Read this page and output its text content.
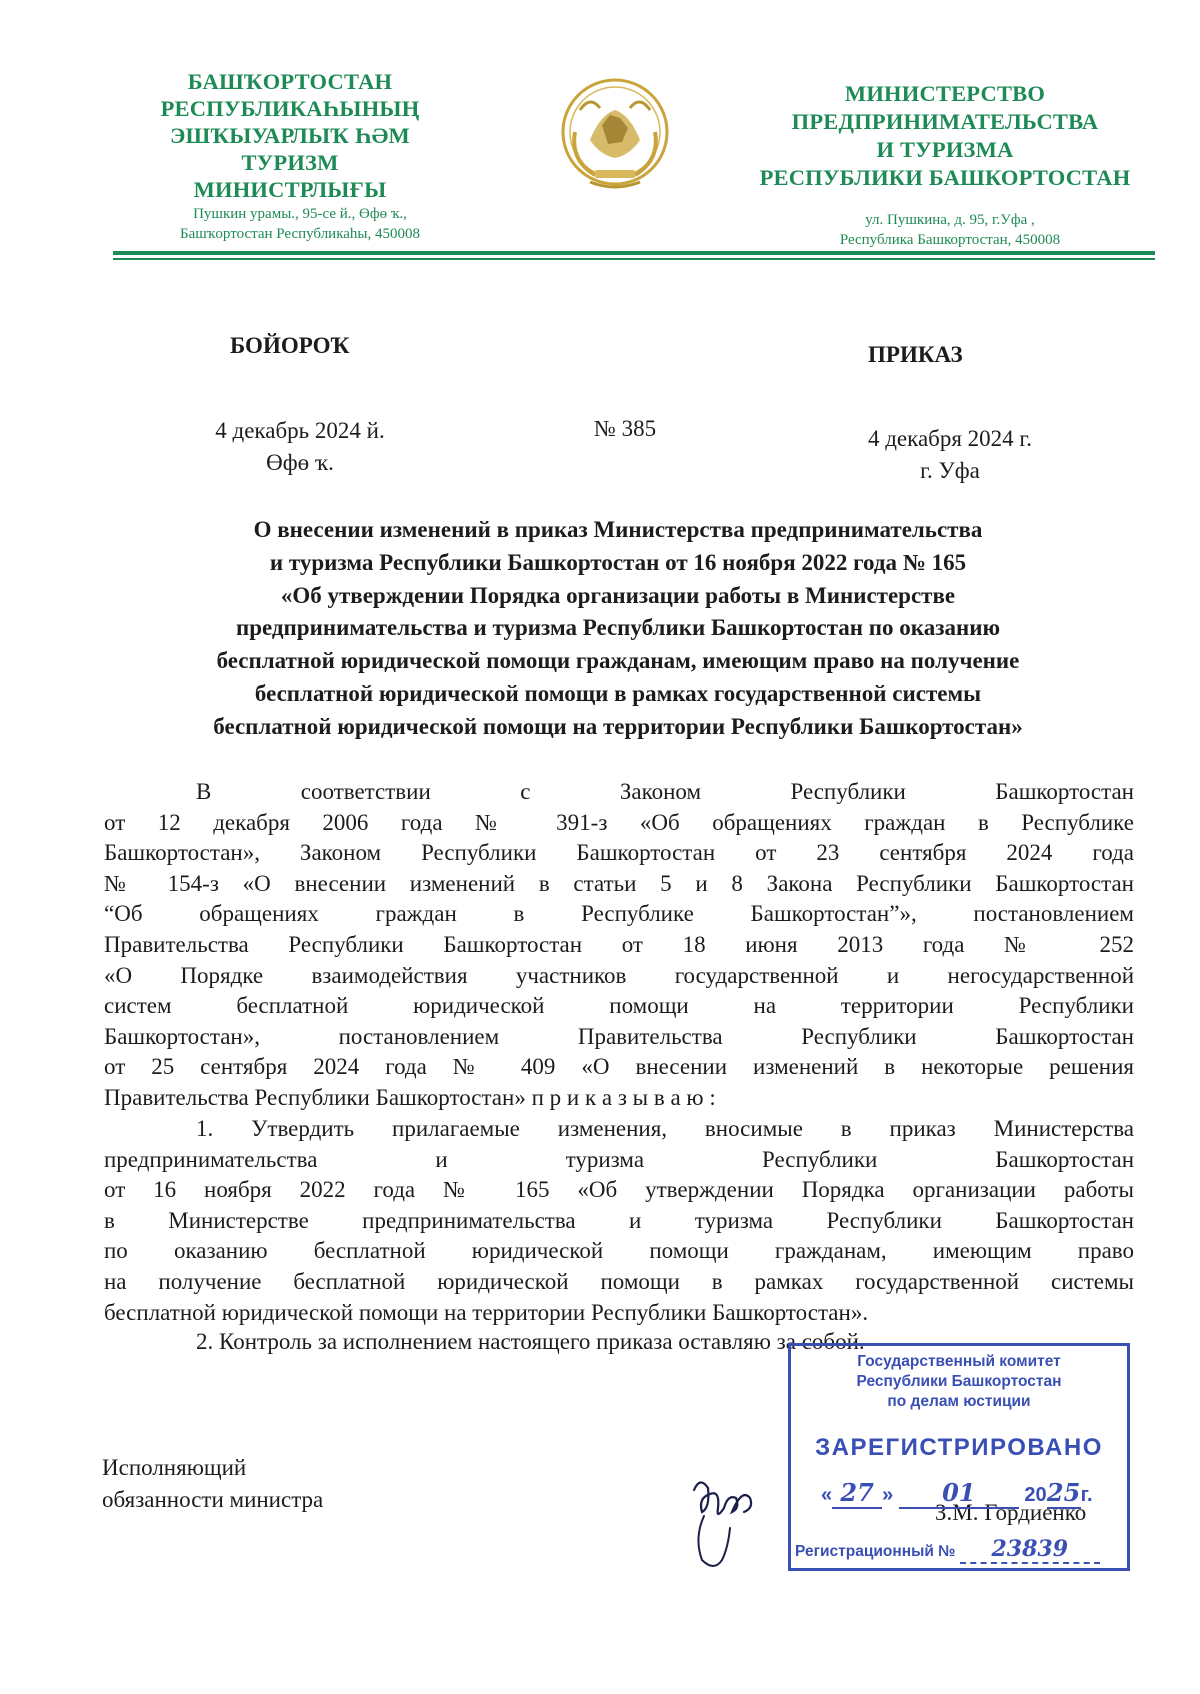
БАШҠОРТОСТАН
РЕСПУБЛИКАҺЫНЫҢ
ЭШҠЫУАРЛЫҠ ҺӘМ ТУРИЗМ
МИНИСТРЛЫҒЫ
Пушкин урамы., 95-се й., Өфө ҡ.,
Башҡортостан Республикаһы, 450008
МИНИСТЕРСТВО
ПРЕДПРИНИМАТЕЛЬСТВА
И ТУРИЗМА
РЕСПУБЛИКИ БАШКОРТОСТАН
ул. Пушкина, д. 95, г.Уфа ,
Республика Башкортостан, 450008
БОЙОРОҠ	ПРИКАЗ
4 декабрь 2024 й.
Өфө ҡ.
№ 385	4 декабря 2024 г.
г. Уфа
О внесении изменений в приказ Министерства предпринимательства
и туризма Республики Башкортостан от 16 ноября 2022 года № 165
«Об утверждении Порядка организации работы в Министерстве
предпринимательства и туризма Республики Башкортостан по оказанию
бесплатной юридической помощи гражданам, имеющим право на получение
бесплатной юридической помощи в рамках государственной системы
бесплатной юридической помощи на территории Республики Башкортостан»
В соответствии с Законом Республики Башкортостан
от 12 декабря 2006 года № 391-з «Об обращениях граждан в Республике
Башкортостан», Законом Республики Башкортостан от 23 сентября 2024 года
№ 154-з «О внесении изменений в статьи 5 и 8 Закона Республики Башкортостан
“Об обращениях граждан в Республике Башкортостан”», постановлением
Правительства Республики Башкортостан от 18 июня 2013 года № 252
«О Порядке взаимодействия участников государственной и негосударственной
систем бесплатной юридической помощи на территории Республики
Башкортостан», постановлением Правительства Республики Башкортостан
от 25 сентября 2024 года № 409 «О внесении изменений в некоторые решения
Правительства Республики Башкортостан» п р и к а з ы в а ю :
1. Утвердить прилагаемые изменения, вносимые в приказ Министерства
предпринимательства и туризма Республики Башкортостан
от 16 ноября 2022 года № 165 «Об утверждении Порядка организации работы
в Министерстве предпринимательства и туризма Республики Башкортостан
по оказанию бесплатной юридической помощи гражданам, имеющим право
на получение бесплатной юридической помощи в рамках государственной системы
бесплатной юридической помощи на территории Республики Башкортостан».
2. Контроль за исполнением настоящего приказа оставляю за собой.
Исполняющий
обязанности министра
З.М. Гордиенко
Государственный комитет
Республики Башкортостан
по делам юстиции
ЗАРЕГИСТРИРОВАНО
« 27 » 01 2025г.
Регистрационный № 23839
